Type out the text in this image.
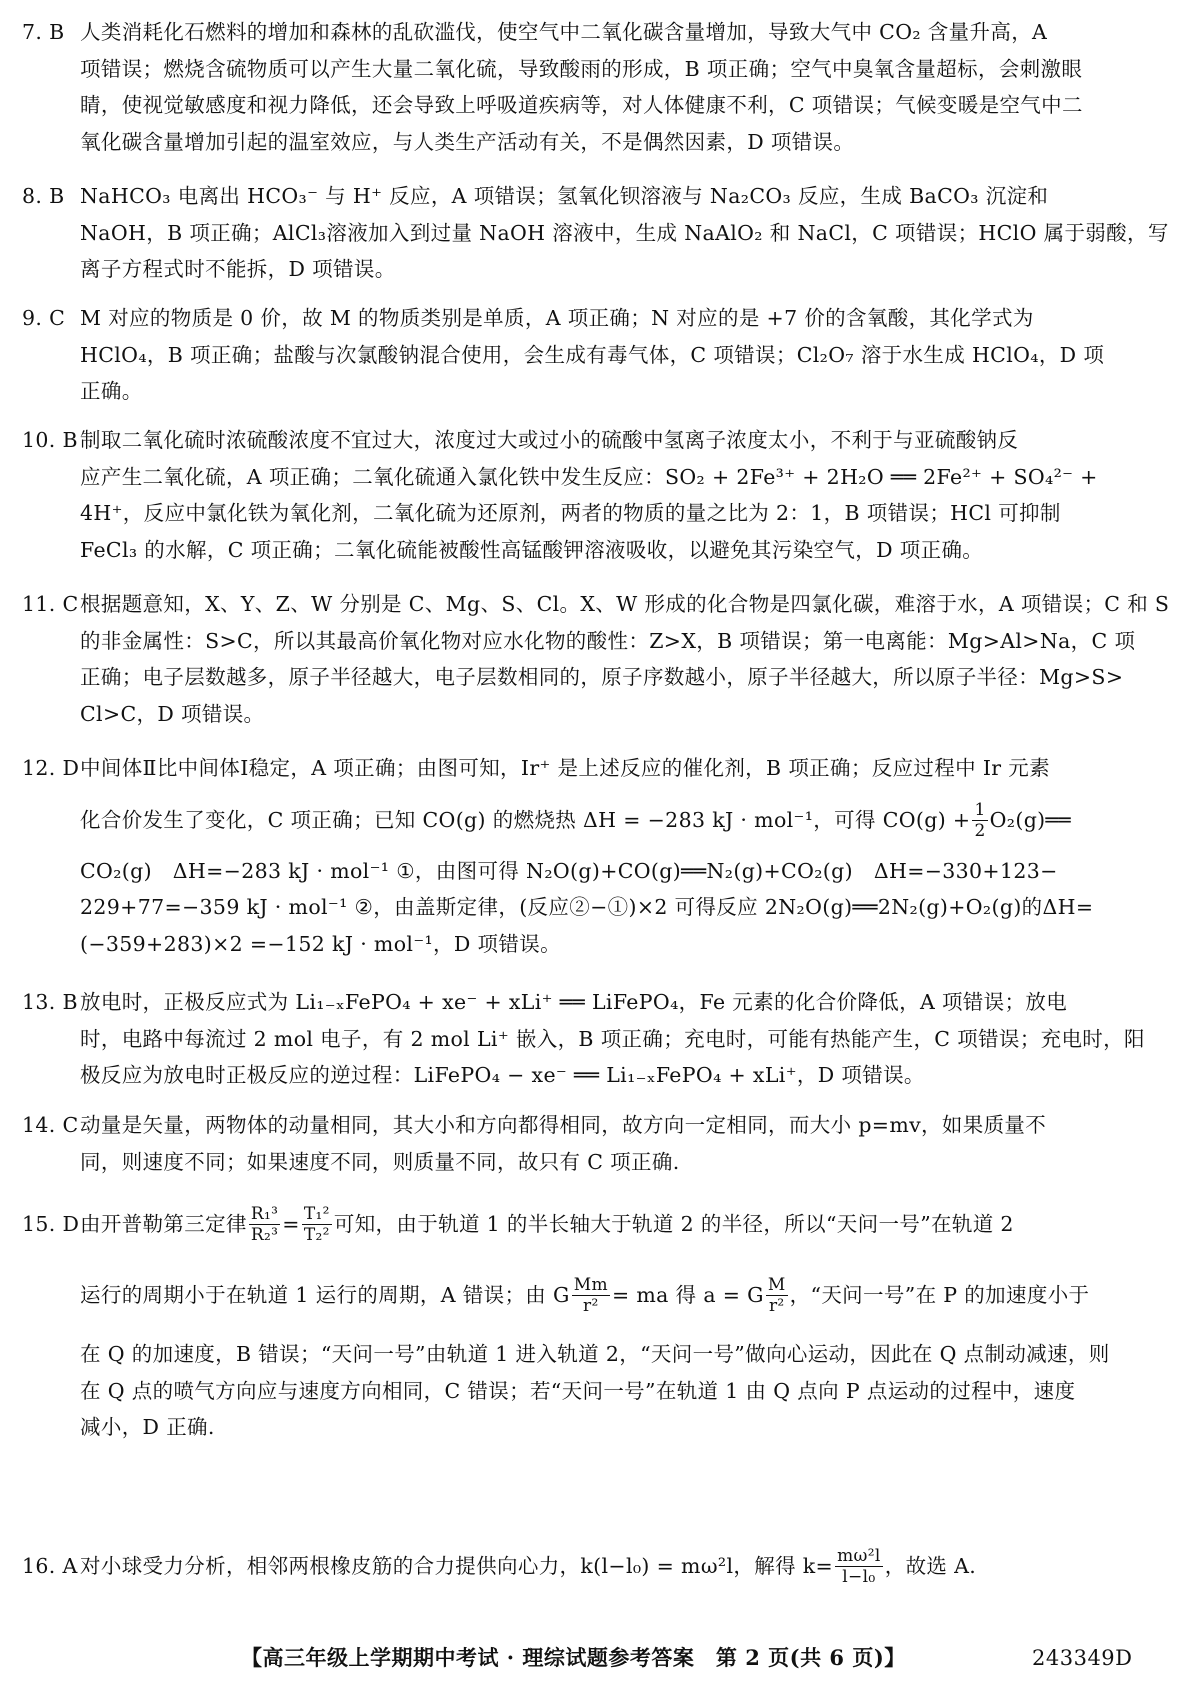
7. B 人类消耗化石燃料的增加和森林的乱砍滥伐，使空气中二氧化碳含量增加，导致大气中 CO₂ 含量升高，A

项错误；燃烧含硫物质可以产生大量二氧化硫，导致酸雨的形成，B 项正确；空气中臭氧含量超标，会刺激眼

睛，使视觉敏感度和视力降低，还会导致上呼吸道疾病等，对人体健康不利，C 项错误；气候变暖是空气中二

氧化碳含量增加引起的温室效应，与人类生产活动有关，不是偶然因素，D 项错误。

8. B NaHCO₃ 电离出 HCO₃⁻ 与 H⁺ 反应，A 项错误；氢氧化钡溶液与 Na₂CO₃ 反应，生成 BaCO₃ 沉淀和

NaOH，B 项正确；AlCl₃溶液加入到过量 NaOH 溶液中，生成 NaAlO₂ 和 NaCl，C 项错误；HClO 属于弱酸，写

离子方程式时不能拆，D 项错误。

9. C M 对应的物质是 0 价，故 M 的物质类别是单质，A 项正确；N 对应的是 +7 价的含氧酸，其化学式为

HClO₄，B 项正确；盐酸与次氯酸钠混合使用，会生成有毒气体，C 项错误；Cl₂O₇ 溶于水生成 HClO₄，D 项

正确。

10. B 制取二氧化硫时浓硫酸浓度不宜过大，浓度过大或过小的硫酸中氢离子浓度太小，不利于与亚硫酸钠反

应产生二氧化硫，A 项正确；二氧化硫通入氯化铁中发生反应：SO₂ + 2Fe³⁺ + 2H₂O ══ 2Fe²⁺ + SO₄²⁻ +

4H⁺，反应中氯化铁为氧化剂，二氧化硫为还原剂，两者的物质的量之比为 2：1，B 项错误；HCl 可抑制

FeCl₃ 的水解，C 项正确；二氧化硫能被酸性高锰酸钾溶液吸收，以避免其污染空气，D 项正确。

11. C根据题意知，X、Y、Z、W 分别是 C、Mg、S、Cl。X、W 形成的化合物是四氯化碳，难溶于水，A 项错误；C 和 S

的非金属性：S>C，所以其最高价氧化物对应水化物的酸性：Z>X，B 项错误；第一电离能：Mg>Al>Na，C 项

正确；电子层数越多，原子半径越大，电子层数相同的，原子序数越小，原子半径越大，所以原子半径：Mg>S>

Cl>C，D 项错误。

12. D中间体Ⅱ比中间体Ⅰ稳定，A 项正确；由图可知，Ir⁺ 是上述反应的催化剂，B 项正确；反应过程中 Ir 元素

化合价发生了变化，C 项正确；已知 CO(g) 的燃烧热 ΔH = −283 kJ · mol⁻¹，可得 $CO(g) + \frac{1}{2}$ O₂(g)══

CO₂(g)　ΔH=−283 kJ · mol⁻¹ ①，由图可得 N₂O(g)+CO(g)══N₂(g)+CO₂(g)　ΔH=−330+123−

229+77=−359 kJ · mol⁻¹ ②，由盖斯定律，(反应②−①)×2 可得反应 2N₂O(g)══2N₂(g)+O₂(g)的ΔH=

(−359+283)×2 =−152 kJ · mol⁻¹，D 项错误。

13. B 放电时，正极反应式为 Li₁₋ₓFePO₄ + xe⁻ + xLi⁺ ══ LiFePO₄，Fe 元素的化合价降低，A 项错误；放电

时，电路中每流过 2 mol 电子，有 2 mol Li⁺ 嵌入，B 项正确；充电时，可能有热能产生，C 项错误；充电时，阳

极反应为放电时正极反应的逆过程：LiFePO₄ − xe⁻ ══ Li₁₋ₓFePO₄ + xLi⁺，D 项错误。

14. C动量是矢量，两物体的动量相同，其大小和方向都得相同，故方向一定相同，而大小 p=mv，如果质量不

同，则速度不同；如果速度不同，则质量不同，故只有 C 项正确.

15. D 由开普勒第三定律 $\frac{\text{R₁³}}{\text{R₂³}} = \frac{\text{T₁²}}{\text{T₂²}}$ 可知，由于轨道 1 的半长轴大于轨道 2 的半径，所以“天问一号”在轨道 2
运行的周期小于在轨道 1 运行的周期，A 错误；由 G $\frac{Mm}{\text{r²}}$ = ma 得 a = G $\frac{M}{\text{r²}}$ ，“天问一号”在 P 的加速度小于

在 Q 的加速度，B 错误；“天问一号”由轨道 1 进入轨道 2，“天问一号”做向心运动，因此在 Q 点制动减速，则

在 Q 点的喷气方向应与速度方向相同，C 错误；若“天问一号”在轨道 1 由 Q 点向 P 点运动的过程中，速度

减小，D 正确.

16. A 对小球受力分析，相邻两根橡皮筋的合力提供向心力，k(l−l₀) = mω²l，解得 $k= \frac{\text{mω²l}}{\text{l−l₀}}$ ，故选 A.
【高三年级上学期期中考试 · 理综试题参考答案　第 2 页(共 6 页)】	243349D
